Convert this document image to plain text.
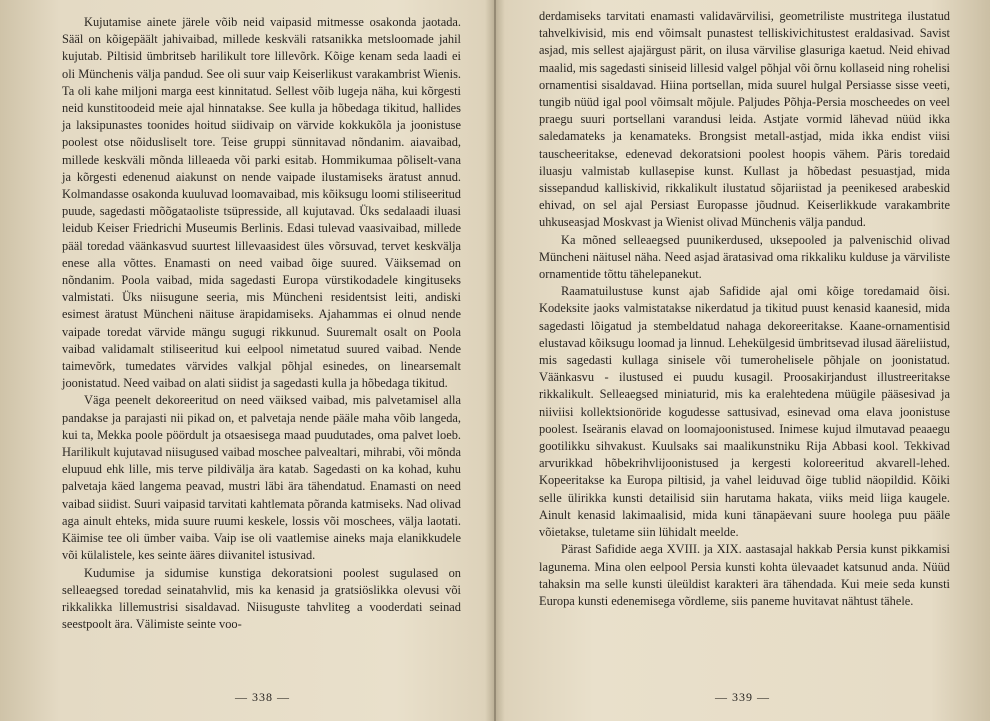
Kujutamise ainete järele võib neid vaipasid mitmesse osakonda jaotada. Sääl on kõigepäält jahivaibad, millede keskväli ratsanikka metsloomade jahil kujutab. Piltisid ümbritseb harilikult tore lillevõrk. Kõige kenam seda laadi ei oli Münchenis välja pandud. See oli suur vaip Keiserlikust varakambrist Wienis. Ta oli kahe miljoni marga eest kinnitatud. Sellest võib lugeja näha, kui kõrgesti neid kunstitoodeid meie ajal hinnatakse. See kulla ja hõbedaga tikitud, hallides ja laksipunastes toonides hoitud siidivaip on värvide kokkukõla ja joonistuse poolest otse nõidusliselt tore. Teise gruppi sünnitavad nõndanim. aiavaibad, millede keskväli mõnda lilleaeda või parki esitab. Hommikumaa põliselt-vana ja kõrgesti edenenud aiakunst on nende vaipade ilustamiseks äratust annud. Kolmandasse osakonda kuuluvad loomavaibad, mis kõiksugu loomi stiliseeritud puude, sagedasti mõõgataoliste tsüpresside, all kujutavad. Üks sedalaadi iluasi leidub Keiser Friedrichi Museumis Berlinis. Edasi tulevad vaasivaibad, millede pääl toredad väänkasvud suurtest lillevaasidest üles võrsuvad, tervet keskvälja enese alla võttes. Enamasti on need vaibad õige suured. Väiksemad on nõndanim. Poola vaibad, mida sagedasti Europa vürstikodadele kingituseks valmistati. Üks niisugune seeria, mis Müncheni residentsist leiti, andiski esimest äratust Müncheni näituse ärapidamiseks. Ajahammas ei olnud nende vaipade toredat värvide mängu sugugi rikkunud. Suuremalt osalt on Poola vaibad validamalt stiliseeritud kui eelpool nimetatud suured vaibad. Nende taimevõrk, tumedates värvides valkjal põhjal esinedes, on linearsemalt joonistatud. Need vaibad on alati siidist ja sagedasti kulla ja hõbedaga tikitud.

Väga peenelt dekoreeritud on need väiksed vaibad, mis palvetamisel alla pandakse ja parajasti nii pikad on, et palvetaja nende pääle maha võib langeda, kui ta, Mekka poole pöördult ja otsaesisega maad puudutades, oma palvet loeb. Harilikult kujutavad niisugused vaibad moschee palvealtari, mihrabi, või mõnda elupuud ehk lille, mis terve pildivälja ära katab. Sagedasti on ka kohad, kuhu palvetaja käed langema peavad, mustri läbi ära tähendatud. Enamasti on need vaibad siidist. Suuri vaipasid tarvitati kahtlemata põranda katmiseks. Nad olivad aga ainult ehteks, mida suure ruumi keskele, lossis või moschees, välja laotati. Käimise tee oli ümber vaiba. Vaip ise oli vaatlemise aineks maja elanikkudele või külalistele, kes seinte ääres diivanitel istusivad.

Kudumise ja sidumise kunstiga dekoratsioni poolest sugulased on selleaegsed toredad seinatahvlid, mis ka kenasid ja gratsiöslikka olevusi või rikkalikka lillemustrisi sisaldavad. Niisuguste tahvliteg a vooderdati seinad seestpoolt ära. Välimiste seinte voo-

— 338 —

derdamiseks tarvitati enamasti validavärvilisi, geometriliste mustritega ilustatud tahvelkivisid, mis end võimsalt punastest telliskivichitustest eraldasivad. Savist asjad, mis sellest ajajärgust pärit, on ilusa värvilise glasuriga kaetud. Neid ehivad maalid, mis sagedasti siniseid lillesid valgel põhjal või õrnu kollaseid ning rohelisi ornamentisi sisaldavad. Hiina portsellan, mida suurel hulgal Persiasse sisse veeti, tungib nüüd igal pool võimsalt mõjule. Paljudes Põhja-Persia moscheedes on veel praegu suuri portsellani varandusi leida. Astjate vormid lähevad nüüd ikka saledamateks ja kenamateks. Brongsist metall-astjad, mida ikka endist viisi tauscheeritakse, edenevad dekoratsioni poolest hoopis vähem. Päris toredaid iluasju valmistab kullasepise kunst. Kullast ja hõbedast pesuastjad, mida sissepandud kalliskivid, rikkalikult ilustatud sõjariistad ja peenikesed arabeskid ehivad, on sel ajal Persiast Europasse jõudnud. Keiserlikkude varakambrite uhkuseasjad Moskvast ja Wienist olivad Münchenis välja pandud.

Ka mõned selleaegsed puunikerdused, uksepooled ja palvenischid olivad Müncheni näitusel näha. Need asjad äratasivad oma rikkaliku kulduse ja värviliste ornamentide tõttu tähelepanekut.

Raamatuilustuse kunst ajab Safidide ajal omi kõige toredamaid õisi. Kodeksite jaoks valmistatakse nikerdatud ja tikitud puust kenasid kaanesid, mida sagedasti lõigatud ja stembeldatud nahaga dekoreeritakse. Kaane-ornamentisid elustavad kõiksugu loomad ja linnud. Lehekülgesid ümbritsevad ilusad ääreliistud, mis sagedasti kullaga sinisele või tumerohelisele põhjale on joonistatud. Väänkasvu - ilustused ei puudu kusagil. Proosakirjandust illustreeritakse rikkalikult. Selleaegsed miniaturid, mis ka eralehtedena müügile pääsesivad ja niiviisi kollektsionöride kogudesse sattusivad, esinevad oma elava joonistuse poolest. Iseäranis elavad on loomajoonistused. Inimese kujud ilmutavad peaaegu gootilikku sihvakust. Kuulsaks sai maalikunstniku Rija Abbasi kool. Tekkivad arvurikkad hõbekrihvlijoonistused ja kergesti koloreeritud akvarell-lehed. Kopeeritakse ka Europa piltisid, ja vahel leiduvad õige tublid näopildid. Kõiki selle ülirikka kunsti detailisid siin harutama hakata, viiks meid liiga kaugele. Ainult kenasid lakimaalisid, mida kuni tänapäevani suure hoolega puu pääle võietakse, tuletame siin lühidalt meelde.

Pärast Safidide aega XVIII. ja XIX. aastasajal hakkab Persia kunst pikkamisi lagunema. Mina olen eelpool Persia kunsti kohta ülevaadet katsunud anda. Nüüd tahaksin ma selle kunsti üleüldist karakteri ära tähendada. Kui meie seda kunsti Europa kunsti edenemisega võrdleme, siis paneme huvitavat nähtust tähele.

— 339 —
